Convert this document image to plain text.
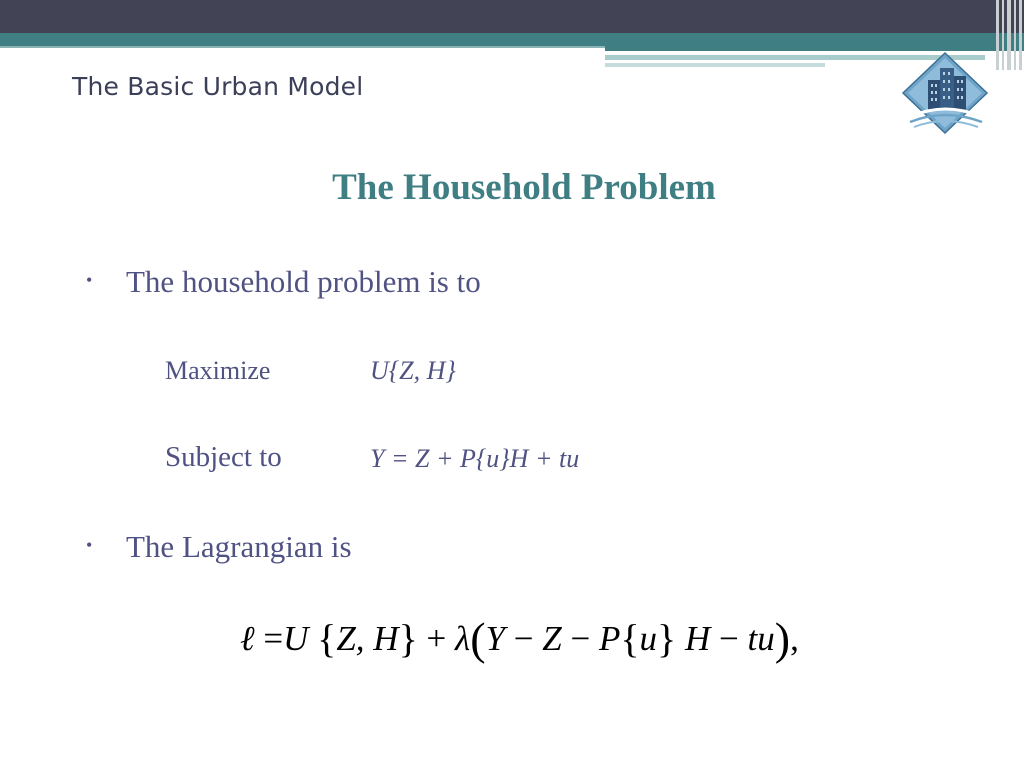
The Basic Urban Model
The Household Problem
• The household problem is to
Maximize	U{Z, H}
Subject to	Y = Z + P{u}H + tu
• The Lagrangian is
ℓ =U {Z, H} + λ(Y − Z − P{u} H − tu),
